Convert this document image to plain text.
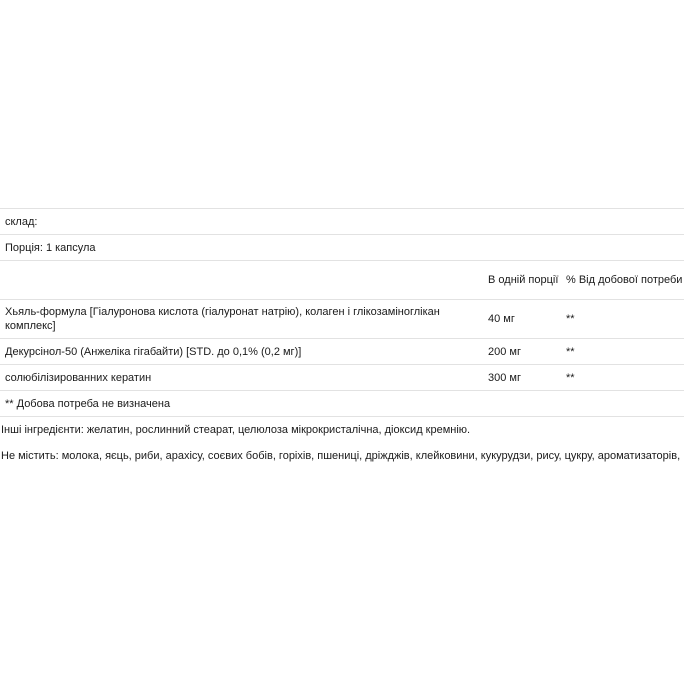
склад:		
Порція: 1 капсула		
	В одній порції	% Від добової потреби
Хьяль-формула [Гіалуронова кислота (гіалуронат натрію), колаген і глікозаміноглікан комплекс]	40 мг	**
Декурсінол-50 (Анжеліка гігабайти) [STD. до 0,1% (0,2 мг)]	200 мг	**
солюбілізированних кератин	300 мг	**
** Добова потреба не визначена		
Інші інгредієнти: желатин, рослинний стеарат, целюлоза мікрокристалічна, діоксид кремнію.
Не містить: молока, яєць, риби, арахісу, соєвих бобів, горіхів, пшениці, дріжджів, клейковини, кукурудзи, рису, цукру, ароматизаторів,
